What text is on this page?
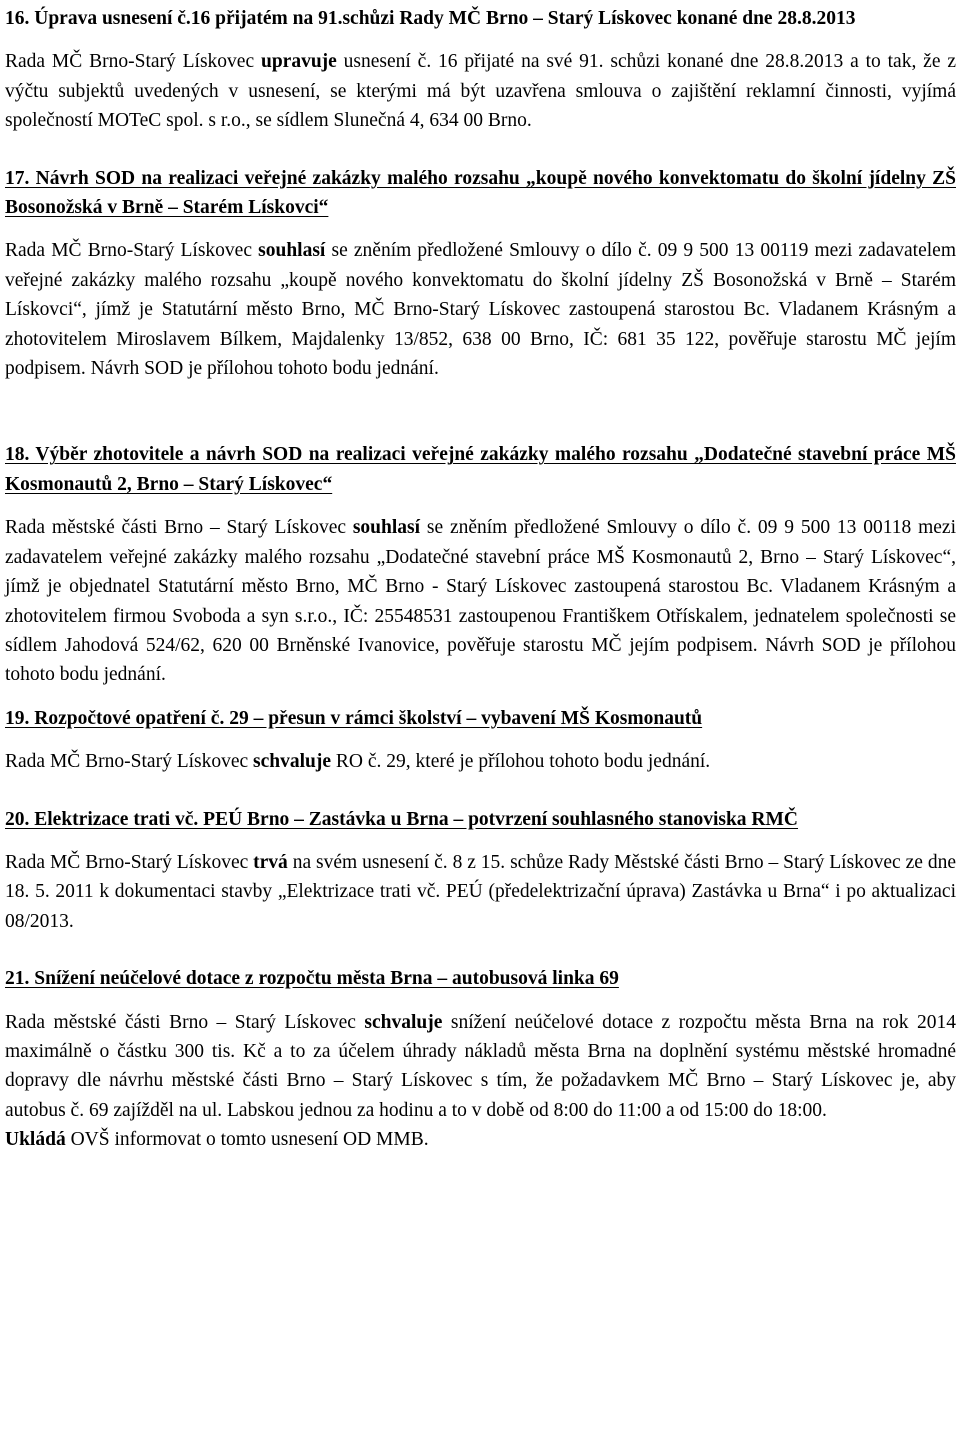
16. Úprava usnesení č.16 přijatém na 91.schůzi Rady MČ Brno – Starý Lískovec konané dne 28.8.2013

Rada MČ Brno-Starý Lískovec upravuje usnesení č. 16 přijaté na své 91. schůzi konané dne 28.8.2013 a to tak, že z výčtu subjektů uvedených v usnesení, se kterými má být uzavřena smlouva o zajištění reklamní činnosti, vyjímá společností MOTeC spol. s r.o., se sídlem Slunečná 4, 634 00 Brno.

17. Návrh SOD na realizaci veřejné zakázky malého rozsahu „koupě nového konvektomatu do školní jídelny ZŠ Bosonožská v Brně – Starém Lískovci“

Rada MČ Brno-Starý Lískovec souhlasí se zněním předložené Smlouvy o dílo č. 09 9 500 13 00119 mezi zadavatelem veřejné zakázky malého rozsahu „koupě nového konvektomatu do školní jídelny ZŠ Bosonožská v Brně – Starém Lískovci“, jímž je Statutární město Brno, MČ Brno-Starý Lískovec zastoupená starostou Bc. Vladanem Krásným a zhotovitelem Miroslavem Bílkem, Majdalenky 13/852, 638 00 Brno, IČ: 681 35 122, pověřuje starostu MČ jejím podpisem. Návrh SOD je přílohou tohoto bodu jednání.

18. Výběr zhotovitele a návrh SOD na realizaci veřejné zakázky malého rozsahu „Dodatečné stavební práce MŠ Kosmonautů 2, Brno – Starý Lískovec“

Rada městské části Brno – Starý Lískovec souhlasí se zněním předložené Smlouvy o dílo č. 09 9 500 13 00118 mezi zadavatelem veřejné zakázky malého rozsahu „Dodatečné stavební práce MŠ Kosmonautů 2, Brno – Starý Lískovec“, jímž je objednatel Statutární město Brno, MČ Brno - Starý Lískovec zastoupená starostou Bc. Vladanem Krásným a zhotovitelem firmou Svoboda a syn s.r.o., IČ: 25548531 zastoupenou Františkem Otřískalem, jednatelem společnosti se sídlem Jahodová 524/62, 620 00 Brněnské Ivanovice, pověřuje starostu MČ jejím podpisem. Návrh SOD je přílohou tohoto bodu jednání.

19. Rozpočtové opatření č. 29 – přesun v rámci školství – vybavení MŠ Kosmonautů

Rada MČ Brno-Starý Lískovec schvaluje RO č. 29, které je přílohou tohoto bodu jednání.

20. Elektrizace trati vč. PEÚ Brno – Zastávka u Brna – potvrzení souhlasného stanoviska RMČ

Rada MČ Brno-Starý Lískovec trvá na svém usnesení č. 8 z 15. schůze Rady Městské části Brno – Starý Lískovec ze dne 18. 5. 2011 k dokumentaci stavby „Elektrizace trati vč. PEÚ (předelektrizační úprava) Zastávka u Brna“ i po aktualizaci 08/2013.

21. Snížení neúčelové dotace z rozpočtu města Brna – autobusová linka 69

Rada městské části Brno – Starý Lískovec schvaluje snížení neúčelové dotace z rozpočtu města Brna na rok 2014 maximálně o částku 300 tis. Kč a to za účelem úhrady nákladů města Brna na doplnění systému městské hromadné dopravy dle návrhu městské části Brno – Starý Lískovec s tím, že požadavkem MČ Brno – Starý Lískovec je, aby autobus č. 69 zajížděl na ul. Labskou jednou za hodinu a to v době od 8:00 do 11:00 a od 15:00 do 18:00.

Ukládá OVŠ informovat o tomto usnesení OD MMB.
